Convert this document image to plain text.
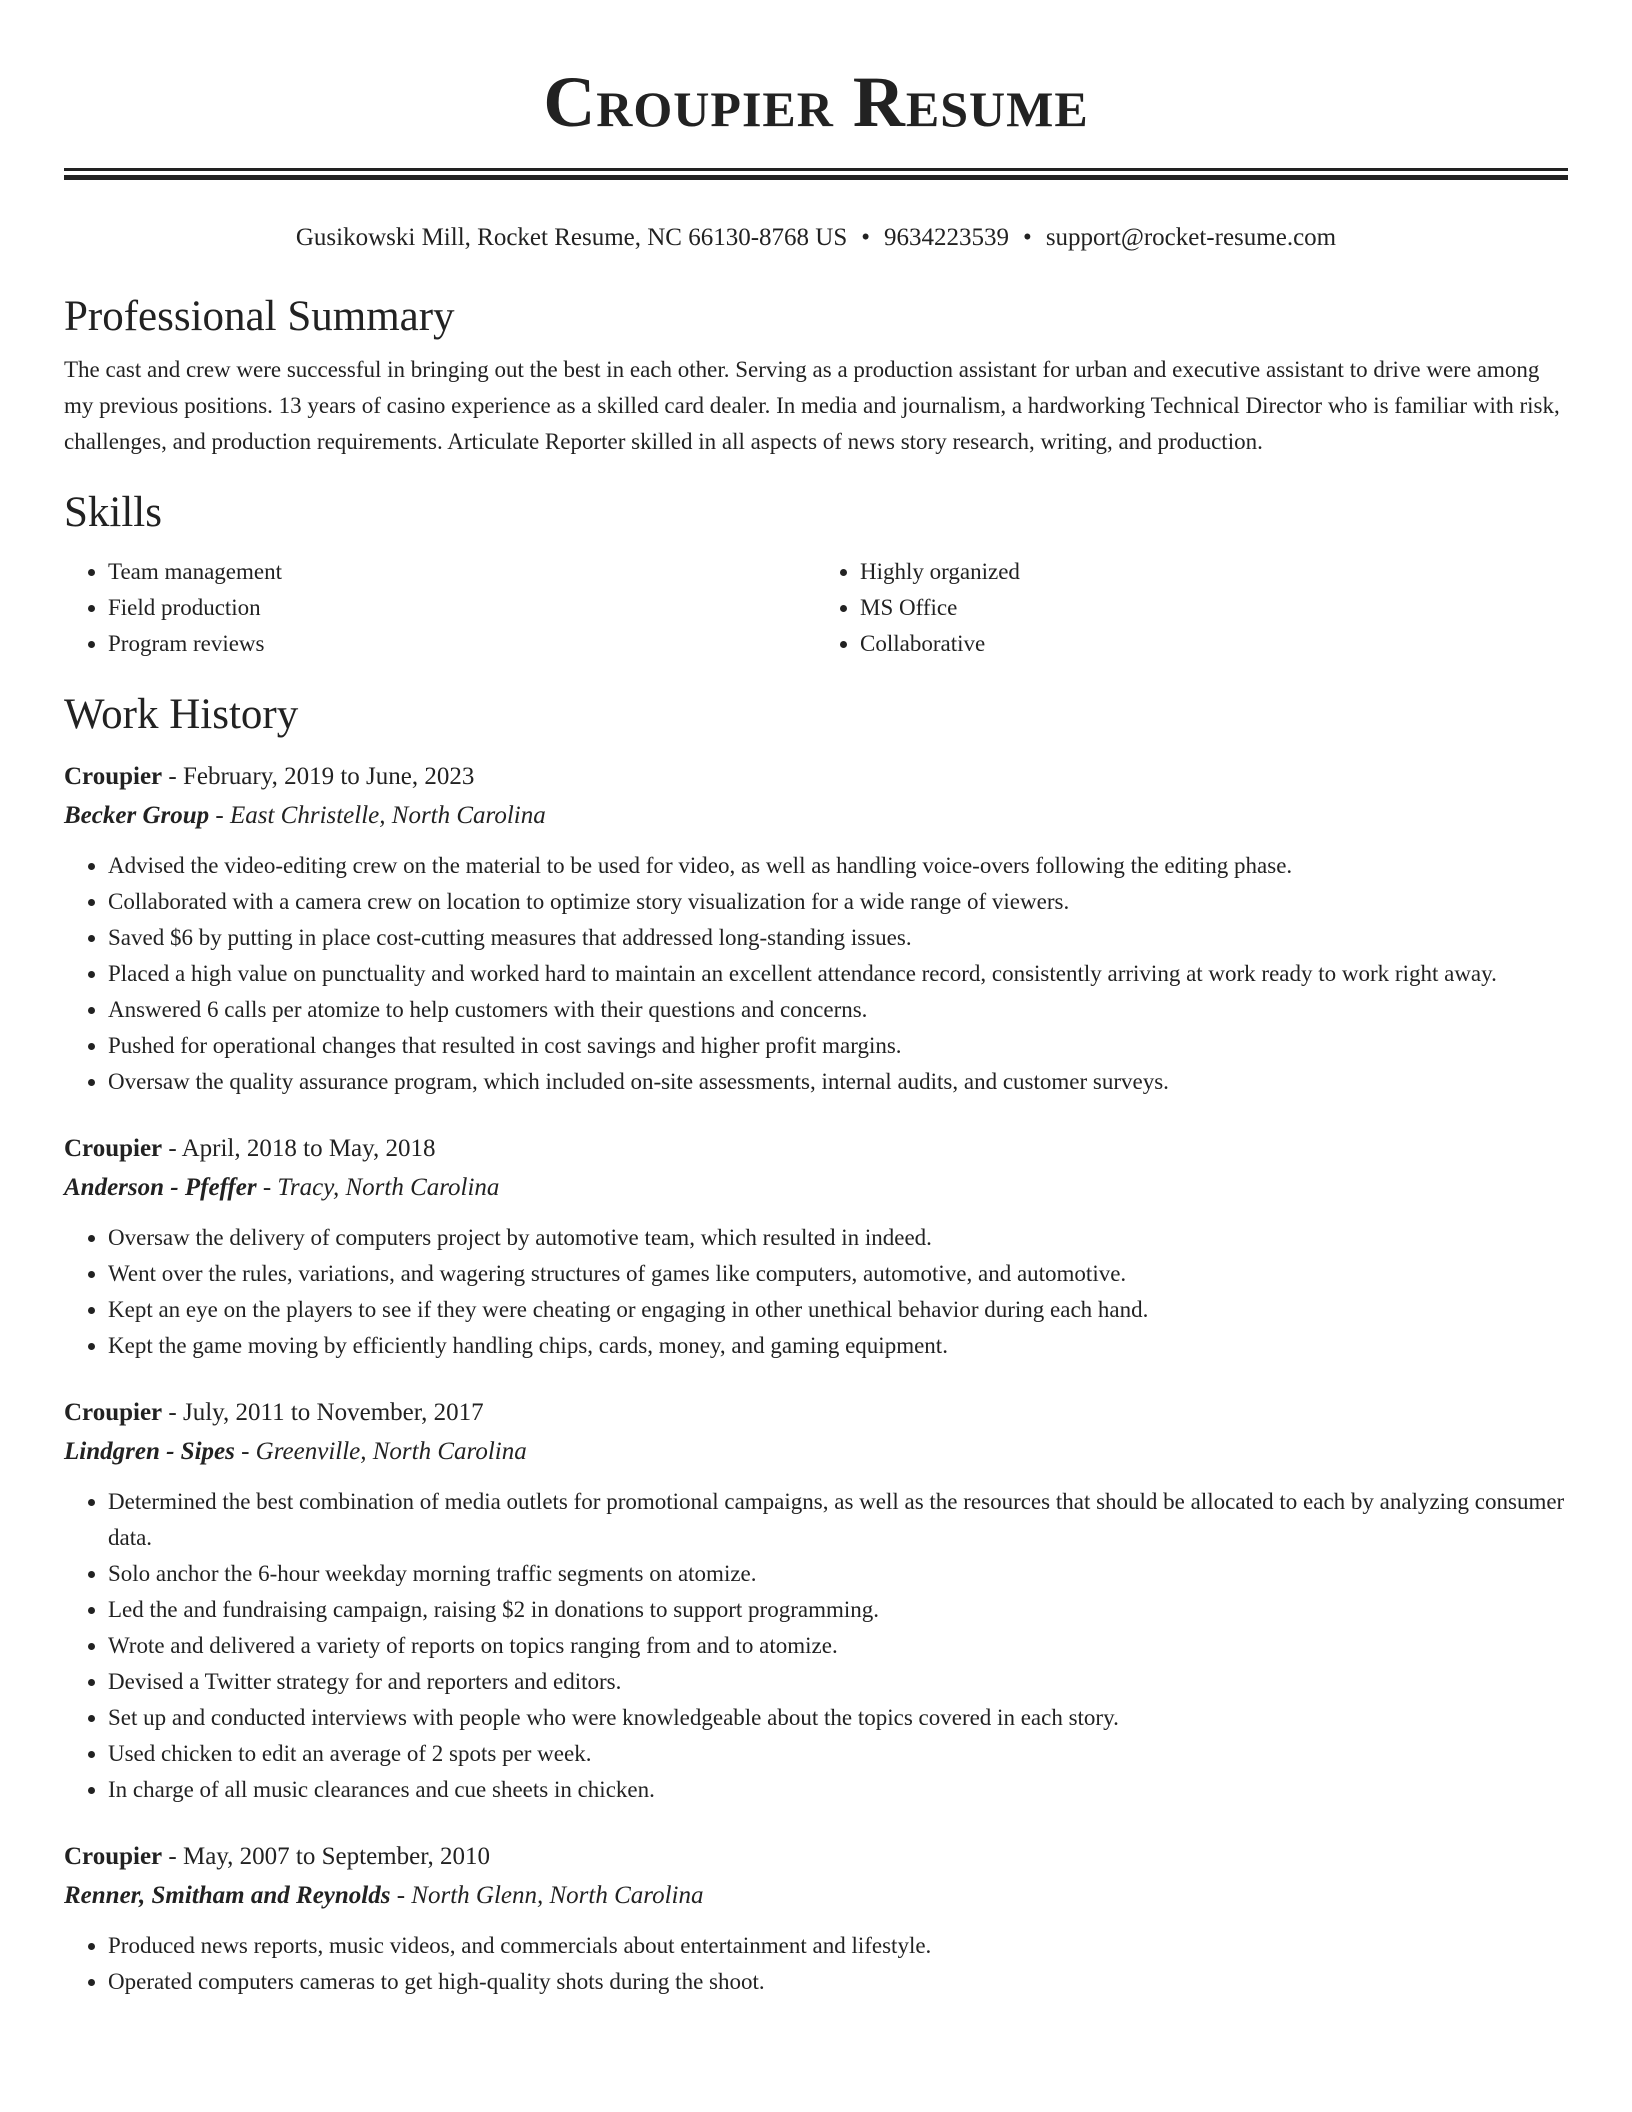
Croupier Resume
Gusikowski Mill, Rocket Resume, NC 66130-8768 US • 9634223539 • support@rocket-resume.com
Professional Summary

The cast and crew were successful in bringing out the best in each other. Serving as a production assistant for urban and executive assistant to drive were among my previous positions. 13 years of casino experience as a skilled card dealer. In media and journalism, a hardworking Technical Director who is familiar with risk, challenges, and production requirements. Articulate Reporter skilled in all aspects of news story research, writing, and production.

Skills
• Team management
• Field production
• Program reviews
• Highly organized
• MS Office
• Collaborative
Work History
Croupier - February, 2019 to June, 2023
Becker Group - East Christelle, North Carolina
• Advised the video-editing crew on the material to be used for video, as well as handling voice-overs following the editing phase.
• Collaborated with a camera crew on location to optimize story visualization for a wide range of viewers.
• Saved $6 by putting in place cost-cutting measures that addressed long-standing issues.
• Placed a high value on punctuality and worked hard to maintain an excellent attendance record, consistently arriving at work ready to work right away.
• Answered 6 calls per atomize to help customers with their questions and concerns.
• Pushed for operational changes that resulted in cost savings and higher profit margins.
• Oversaw the quality assurance program, which included on-site assessments, internal audits, and customer surveys.
Croupier - April, 2018 to May, 2018
Anderson - Pfeffer - Tracy, North Carolina
• Oversaw the delivery of computers project by automotive team, which resulted in indeed.
• Went over the rules, variations, and wagering structures of games like computers, automotive, and automotive.
• Kept an eye on the players to see if they were cheating or engaging in other unethical behavior during each hand.
• Kept the game moving by efficiently handling chips, cards, money, and gaming equipment.
Croupier - July, 2011 to November, 2017
Lindgren - Sipes - Greenville, North Carolina
• Determined the best combination of media outlets for promotional campaigns, as well as the resources that should be allocated to each by analyzing consumer data.
• Solo anchor the 6-hour weekday morning traffic segments on atomize.
• Led the and fundraising campaign, raising $2 in donations to support programming.
• Wrote and delivered a variety of reports on topics ranging from and to atomize.
• Devised a Twitter strategy for and reporters and editors.
• Set up and conducted interviews with people who were knowledgeable about the topics covered in each story.
• Used chicken to edit an average of 2 spots per week.
• In charge of all music clearances and cue sheets in chicken.
Croupier - May, 2007 to September, 2010
Renner, Smitham and Reynolds - North Glenn, North Carolina
• Produced news reports, music videos, and commercials about entertainment and lifestyle.
• Operated computers cameras to get high-quality shots during the shoot.
